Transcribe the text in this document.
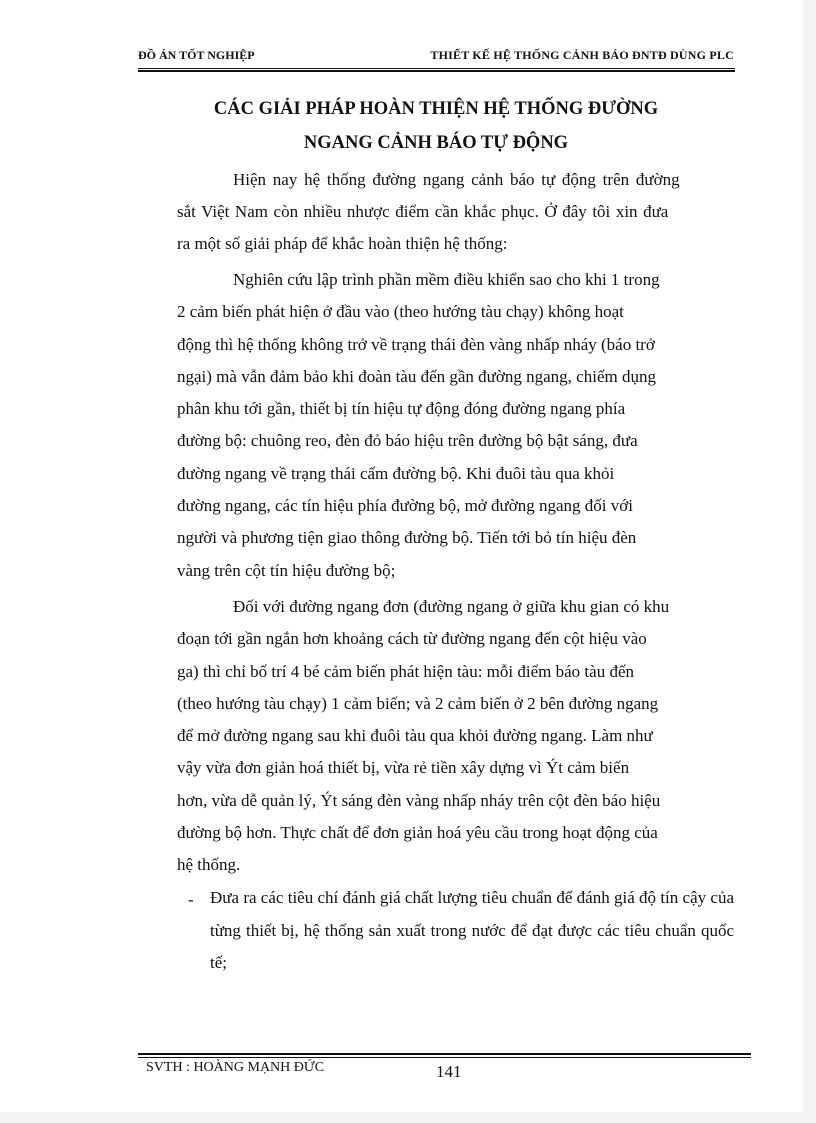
ĐỒ ÁN TỐT NGHIỆP	THIẾT KẾ HỆ THỐNG CẢNH BÁO ĐNTĐ DÙNG PLC
CÁC GIẢI PHÁP HOÀN THIỆN HỆ THỐNG ĐƯỜNG
NGANG CẢNH BÁO TỰ ĐỘNG
Hiện nay hệ thống đường ngang cảnh báo tự động trên đường
sắt Việt Nam còn nhiều nhược điểm cần khắc phục. Ở đây tôi xin đưa
ra một số giải pháp để khắc hoàn thiện hệ thống:
Nghiên cứu lập trình phần mềm điều khiển sao cho khi 1 trong
2 cảm biến phát hiện ở đầu vào (theo hướng tàu chạy) không hoạt
động thì hệ thống không trở về trạng thái đèn vàng nhấp nháy (báo trở
ngại) mà vẫn đảm bảo khi đoàn tàu đến gần đường ngang, chiếm dụng
phân khu tới gần, thiết bị tín hiệu tự động đóng đường ngang phía
đường bộ: chuông reo, đèn đỏ báo hiệu trên đường bộ bật sáng, đưa
đường ngang về trạng thái cấm đường bộ. Khi đuôi tàu qua khỏi
đường ngang, các tín hiệu phía đường bộ, mở đường ngang đối với
người và phương tiện giao thông đường bộ. Tiến tới bỏ tín hiệu đèn
vàng trên cột tín hiệu đường bộ;
Đối với đường ngang đơn (đường ngang ở giữa khu gian có khu
đoạn tới gần ngắn hơn khoảng cách từ đường ngang đến cột hiệu vào
ga) thì chỉ bố trí 4 bé cảm biến phát hiện tàu: mỗi điểm báo tàu đến
(theo hướng tàu chạy) 1 cảm biến; và 2 cảm biến ở 2 bên đường ngang
để mở đường ngang sau khi đuôi tàu qua khỏi đường ngang. Làm như
vậy vừa đơn giản hoá thiết bị, vừa rẻ tiền xây dựng vì Ýt cảm biến
hơn, vừa dễ quản lý, Ýt sáng đèn vàng nhấp nháy trên cột đèn báo hiệu
đường bộ hơn. Thực chất để đơn giản hoá yêu cầu trong hoạt động của
hệ thống.
- Đưa ra các tiêu chí đánh giá chất lượng tiêu chuẩn để đánh giá độ tín cậy của từng thiết bị, hệ thống sản xuất trong nước để đạt được các tiêu chuẩn quốc tế;
SVTH : HOÀNG MẠNH ĐỨC	141
